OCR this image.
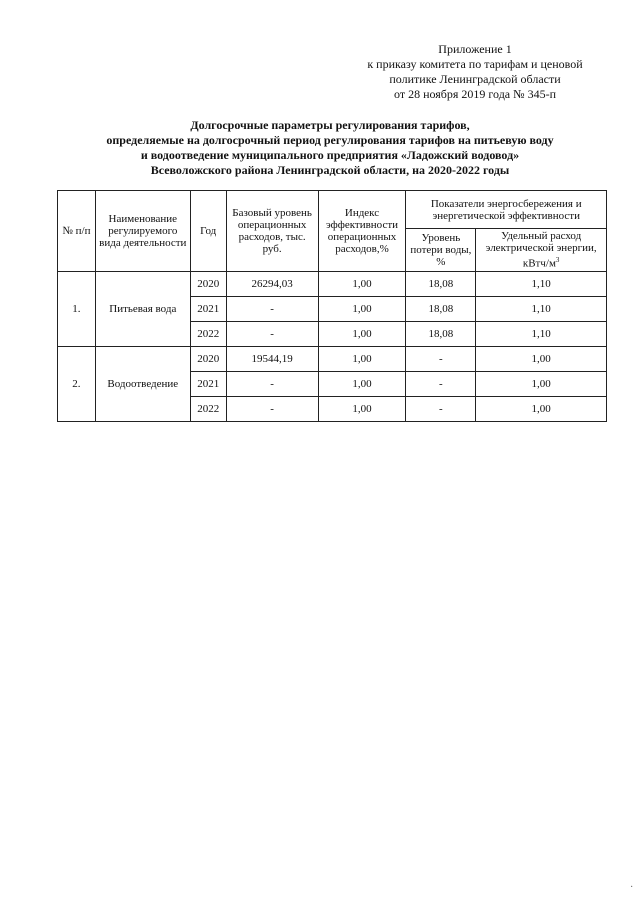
Приложение 1
к приказу комитета по тарифам и ценовой
политике Ленинградской области
от 28 ноября 2019 года № 345-п
Долгосрочные параметры регулирования тарифов,
определяемые на долгосрочный период регулирования тарифов на питьевую воду
и водоотведение муниципального предприятия «Ладожский водовод»
Всеволожского района Ленинградской области, на 2020-2022 годы
№ п/п	Наименование регулируемого вида деятельности	Год	Базовый уровень операционных расходов, тыс. руб.	Индекс эффективности операционных расходов,%	Показатели энергосбережения и энергетической эффективности	
					Уровень потери воды, %	Удельный расход электрической энергии, кВтч/$м^3$
1.	Питьевая вода	2020	26294,03	1,00	18,08	1,10
		2021	-	1,00	18,08	1,10
		2022	-	1,00	18,08	1,10
2.	Водоотведение	2020	19544,19	1,00	-	1,00
		2021	-	1,00	-	1,00
		2022	-	1,00	-	1,00
·
